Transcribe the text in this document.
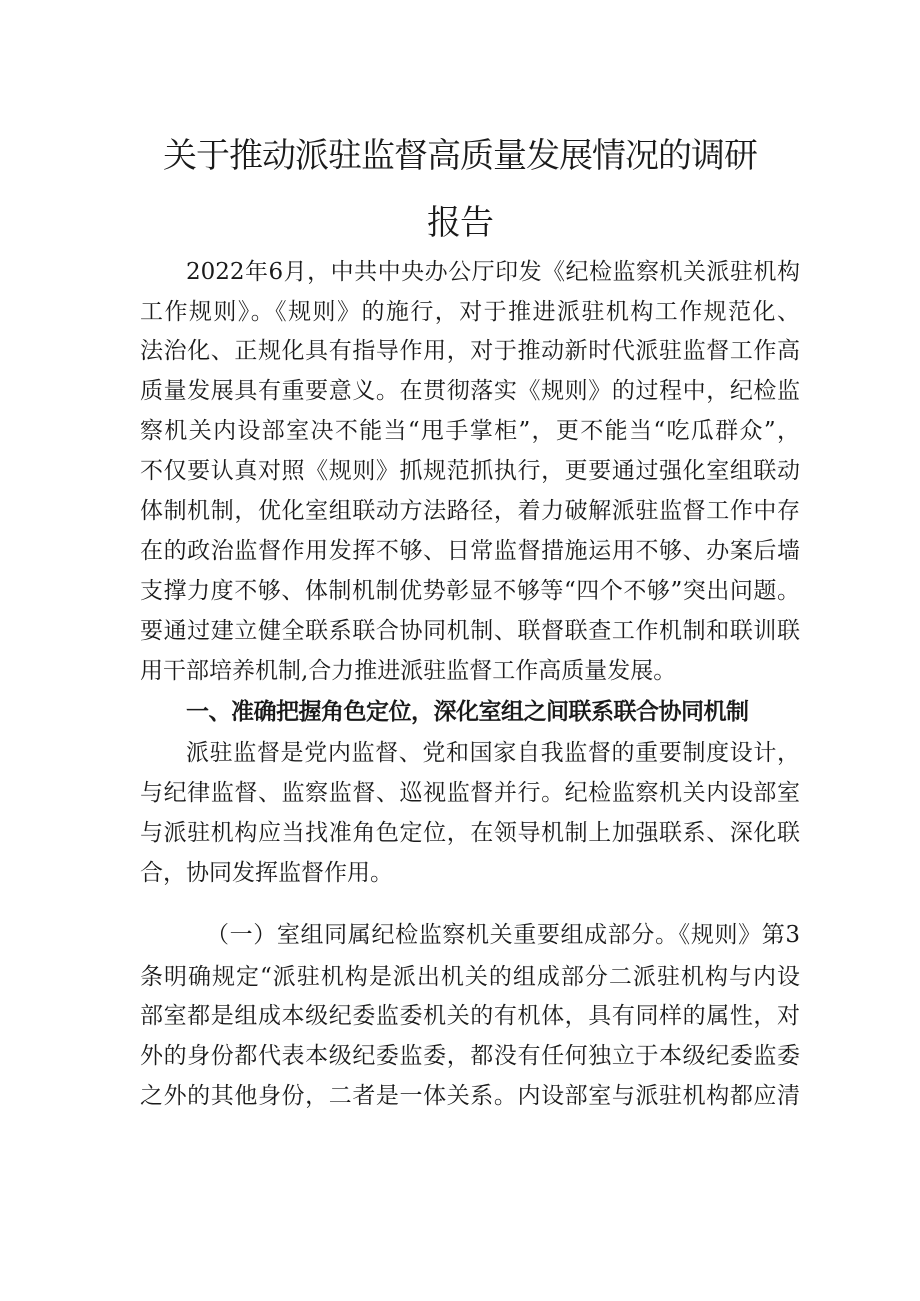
关于推动派驻监督高质量发展情况的调研
报告
2022年6月，中共中央办公厅印发《纪检监察机关派驻机构
工作规则》。《规则》的施行，对于推进派驻机构工作规范化、
法治化、正规化具有指导作用，对于推动新时代派驻监督工作高
质量发展具有重要意义。在贯彻落实《规则》的过程中，纪检监
察机关内设部室决不能当“甩手掌柜”，更不能当“吃瓜群众”，
不仅要认真对照《规则》抓规范抓执行，更要通过强化室组联动
体制机制，优化室组联动方法路径，着力破解派驻监督工作中存
在的政治监督作用发挥不够、日常监督措施运用不够、办案后墙
支撑力度不够、体制机制优势彰显不够等“四个不够”突出问题。
要通过建立健全联系联合协同机制、联督联查工作机制和联训联
用干部培养机制,合力推进派驻监督工作高质量发展。
一、准确把握角色定位，深化室组之间联系联合协同机制
派驻监督是党内监督、党和国家自我监督的重要制度设计，
与纪律监督、监察监督、巡视监督并行。纪检监察机关内设部室
与派驻机构应当找准角色定位，在领导机制上加强联系、深化联
合，协同发挥监督作用。
（一）室组同属纪检监察机关重要组成部分。《规则》第3
条明确规定“派驻机构是派出机关的组成部分二派驻机构与内设
部室都是组成本级纪委监委机关的有机体，具有同样的属性，对
外的身份都代表本级纪委监委，都没有任何独立于本级纪委监委
之外的其他身份，二者是一体关系。内设部室与派驻机构都应清
